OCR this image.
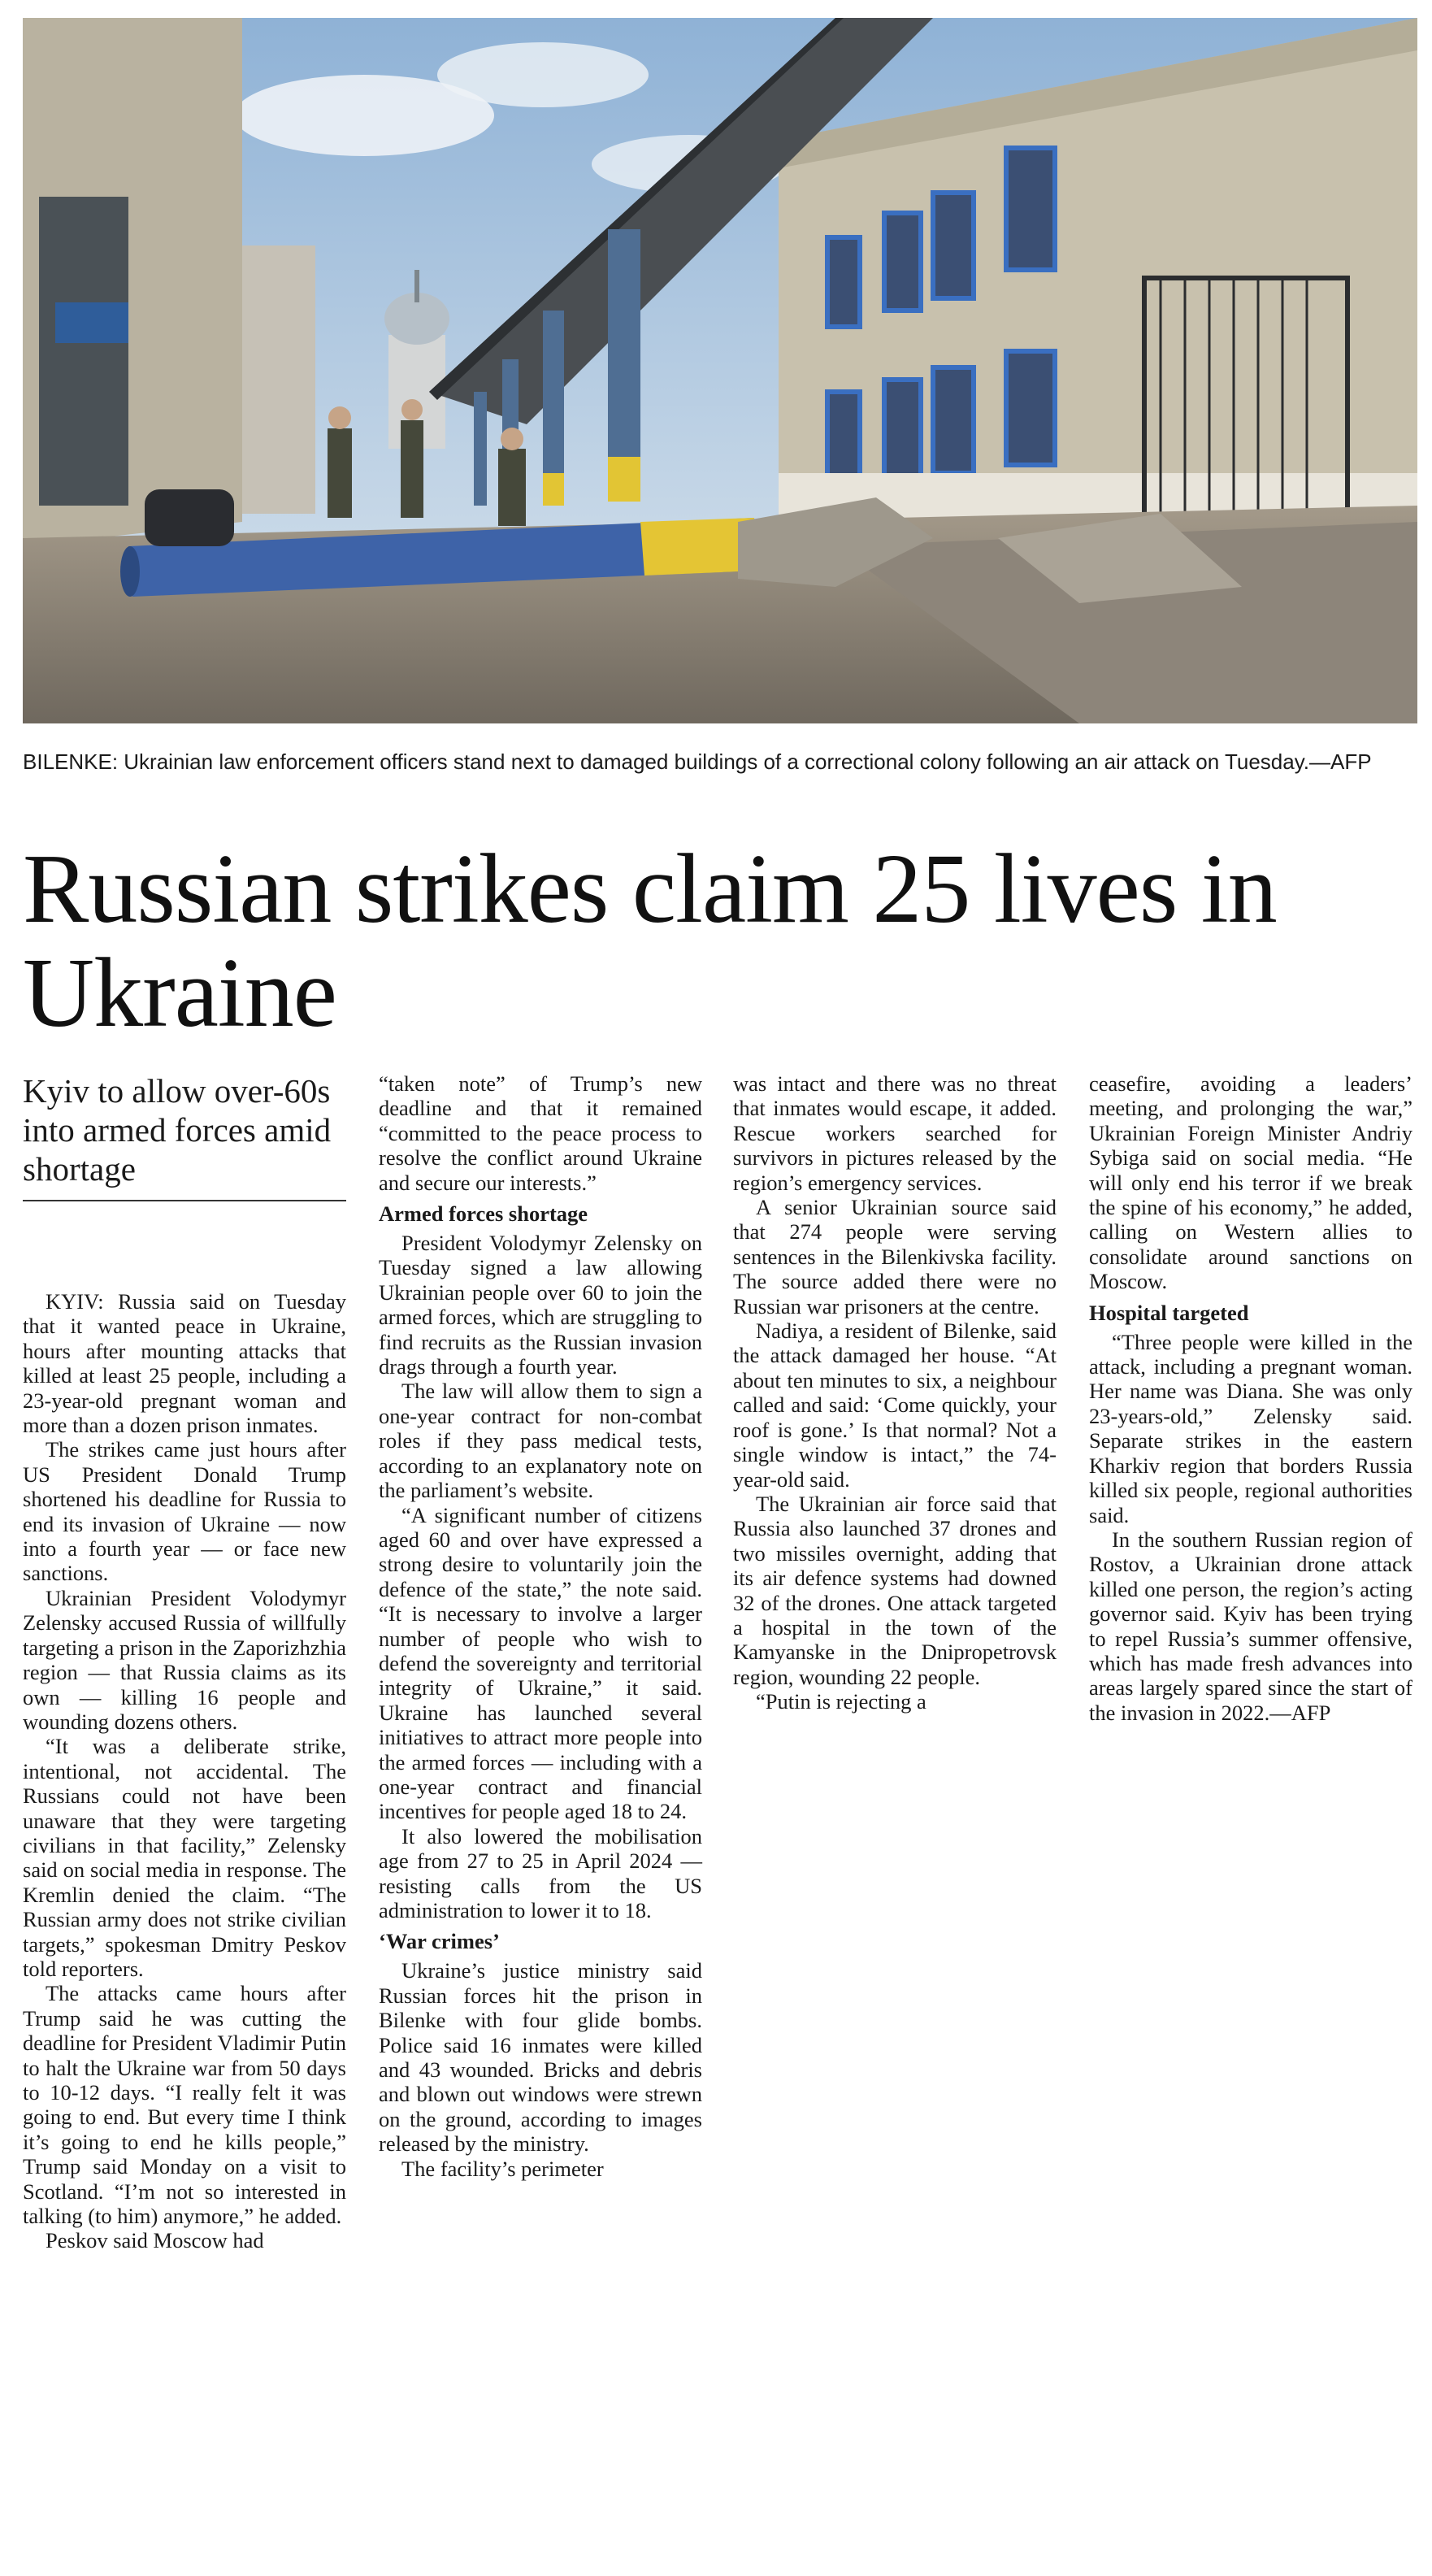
BILENKE: Ukrainian law enforcement officers stand next to damaged buildings of a correctional colony following an air attack on Tuesday.—AFP
Russian strikes claim 25 lives in Ukraine
Kyiv to allow over-60s into armed forces amid shortage

KYIV: Russia said on Tuesday that it wanted peace in Ukraine, hours after mounting attacks that killed at least 25 people, including a 23-year-old pregnant woman and more than a dozen prison inmates.

The strikes came just hours after US President Donald Trump shortened his deadline for Russia to end its invasion of Ukraine — now into a fourth year — or face new sanctions.

Ukrainian President Volodymyr Zelensky accused Russia of willfully targeting a prison in the Zaporizhzhia region — that Russia claims as its own — killing 16 people and wounding dozens others.

“It was a deliberate strike, intentional, not accidental. The Russians could not have been unaware that they were targeting civilians in that facility,” Zelensky said on social media in response. The Kremlin denied the claim. “The Russian army does not strike civilian targets,” spokesman Dmitry Peskov told reporters.

The attacks came hours after Trump said he was cutting the deadline for President Vladimir Putin to halt the Ukraine war from 50 days to 10-12 days. “I really felt it was going to end. But every time I think it’s going to end he kills people,” Trump said Monday on a visit to Scotland. “I’m not so interested in talking (to him) anymore,” he added.

Peskov said Moscow had

“taken note” of Trump’s new deadline and that it remained “committed to the peace process to resolve the conflict around Ukraine and secure our interests.”

Armed forces shortage

President Volodymyr Zelensky on Tuesday signed a law allowing Ukrainian people over 60 to join the armed forces, which are struggling to find recruits as the Russian invasion drags through a fourth year.

The law will allow them to sign a one-year contract for non-combat roles if they pass medical tests, according to an explanatory note on the parliament’s website.

“A significant number of citizens aged 60 and over have expressed a strong desire to voluntarily join the defence of the state,” the note said. “It is necessary to involve a larger number of people who wish to defend the sovereignty and territorial integrity of Ukraine,” it said. Ukraine has launched several initiatives to attract more people into the armed forces — including with a one-year contract and financial incentives for people aged 18 to 24.

It also lowered the mobilisation age from 27 to 25 in April 2024 — resisting calls from the US administration to lower it to 18.

‘War crimes’

Ukraine’s justice ministry said Russian forces hit the prison in Bilenke with four glide bombs. Police said 16 inmates were killed and 43 wounded. Bricks and debris and blown out windows were strewn on the ground, according to images released by the ministry.

The facility’s perimeter

was intact and there was no threat that inmates would escape, it added. Rescue workers searched for survivors in pictures released by the region’s emergency services.

A senior Ukrainian source said that 274 people were serving sentences in the Bilenkivska facility. The source added there were no Russian war prisoners at the centre.

Nadiya, a resident of Bilenke, said the attack damaged her house. “At about ten minutes to six, a neighbour called and said: ‘Come quickly, your roof is gone.’ Is that normal? Not a single window is intact,” the 74-year-old said.

The Ukrainian air force said that Russia also launched 37 drones and two missiles overnight, adding that its air defence systems had downed 32 of the drones. One attack targeted a hospital in the town of the Kamyanske in the Dnipropetrovsk region, wounding 22 people.

“Putin is rejecting a

ceasefire, avoiding a leaders’ meeting, and prolonging the war,” Ukrainian Foreign Minister Andriy Sybiga said on social media. “He will only end his terror if we break the spine of his economy,” he added, calling on Western allies to consolidate around sanctions on Moscow.

Hospital targeted

“Three people were killed in the attack, including a pregnant woman. Her name was Diana. She was only 23-years-old,” Zelensky said. Separate strikes in the eastern Kharkiv region that borders Russia killed six people, regional authorities said.

In the southern Russian region of Rostov, a Ukrainian drone attack killed one person, the region’s acting governor said. Kyiv has been trying to repel Russia’s summer offensive, which has made fresh advances into areas largely spared since the start of the invasion in 2022.—AFP
